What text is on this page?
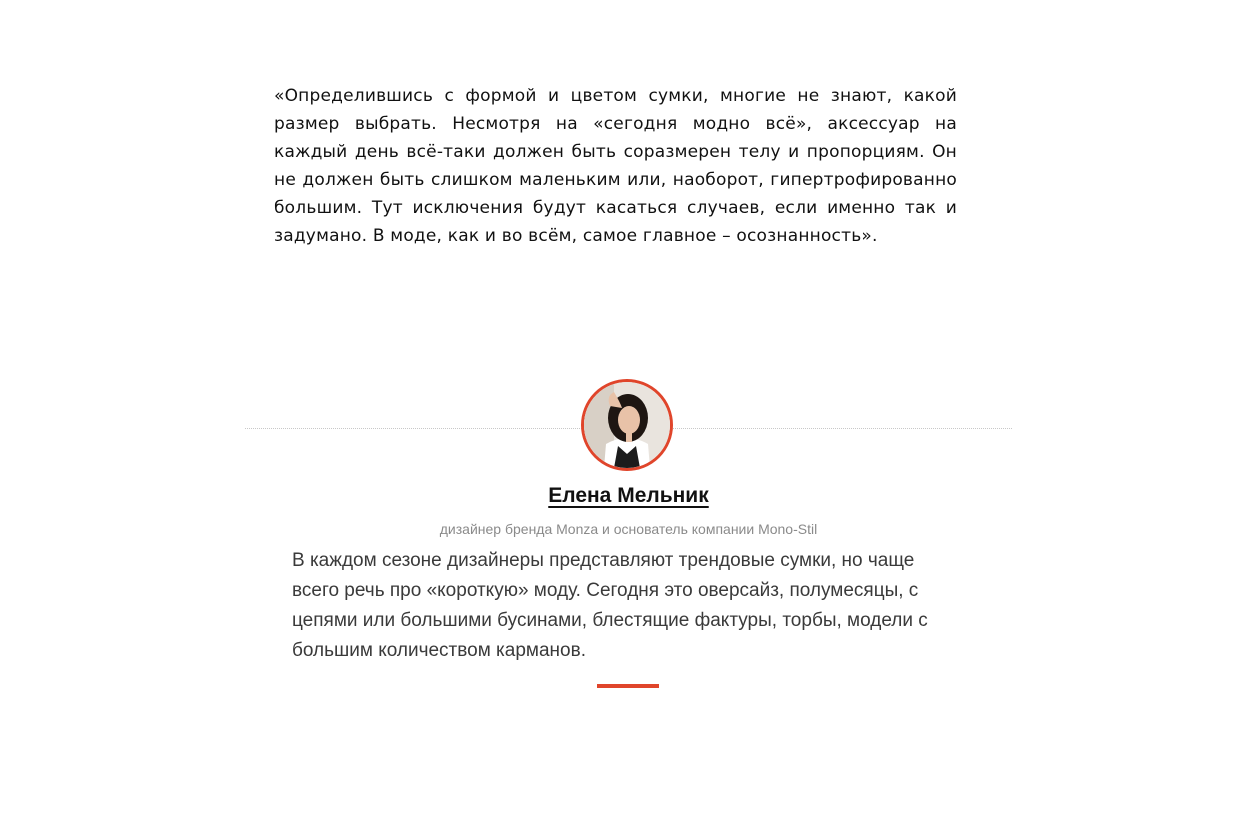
«Определившись с формой и цветом сумки, многие не знают, какой размер выбрать. Несмотря на «сегодня модно всё», аксессуар на каждый день всё-таки должен быть соразмерен телу и пропорциям. Он не должен быть слишком маленьким или, наоборот, гипертрофированно большим. Тут исключения будут касаться случаев, если именно так и задумано. В моде, как и во всём, самое главное – осознанность».
Елена Мельник
дизайнер бренда Monza и основатель компании Mono-Stil
В каждом сезоне дизайнеры представляют трендовые сумки, но чаще всего речь про «короткую» моду. Сегодня это оверсайз, полумесяцы, с цепями или большими бусинами, блестящие фактуры, торбы, модели с большим количеством карманов.
